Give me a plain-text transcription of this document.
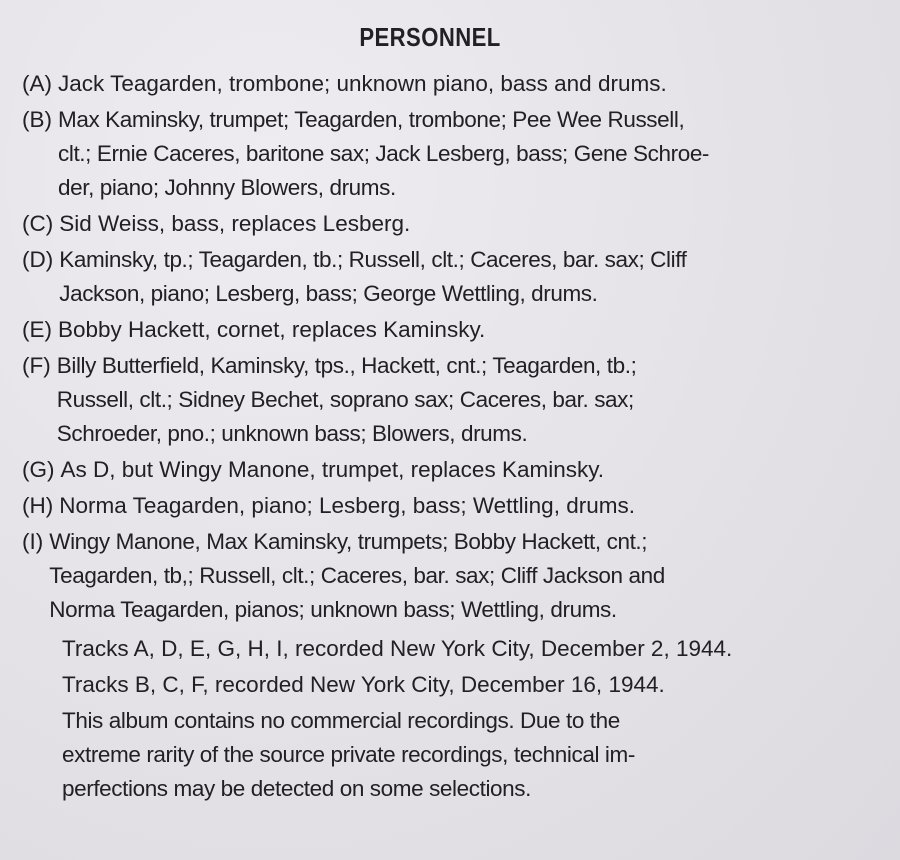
PERSONNEL
(A) Jack Teagarden, trombone; unknown piano, bass and drums.
(B) Max Kaminsky, trumpet; Teagarden, trombone; Pee Wee Russell,
clt.; Ernie Caceres, baritone sax; Jack Lesberg, bass; Gene Schroe-
der, piano; Johnny Blowers, drums.
(C) Sid Weiss, bass, replaces Lesberg.
(D) Kaminsky, tp.; Teagarden, tb.; Russell, clt.; Caceres, bar. sax; Cliff
Jackson, piano; Lesberg, bass; George Wettling, drums.
(E) Bobby Hackett, cornet, replaces Kaminsky.
(F) Billy Butterfield, Kaminsky, tps., Hackett, cnt.; Teagarden, tb.;
Russell, clt.; Sidney Bechet, soprano sax; Caceres, bar. sax;
Schroeder, pno.; unknown bass; Blowers, drums.
(G) As D, but Wingy Manone, trumpet, replaces Kaminsky.
(H) Norma Teagarden, piano; Lesberg, bass; Wettling, drums.
(I) Wingy Manone, Max Kaminsky, trumpets; Bobby Hackett, cnt.;
Teagarden, tb,; Russell, clt.; Caceres, bar. sax; Cliff Jackson and
Norma Teagarden, pianos; unknown bass; Wettling, drums.
Tracks A, D, E, G, H, I, recorded New York City, December 2, 1944.
Tracks B, C, F, recorded New York City, December 16, 1944.
This album contains no commercial recordings. Due to the
extreme rarity of the source private recordings, technical im-
perfections may be detected on some selections.
